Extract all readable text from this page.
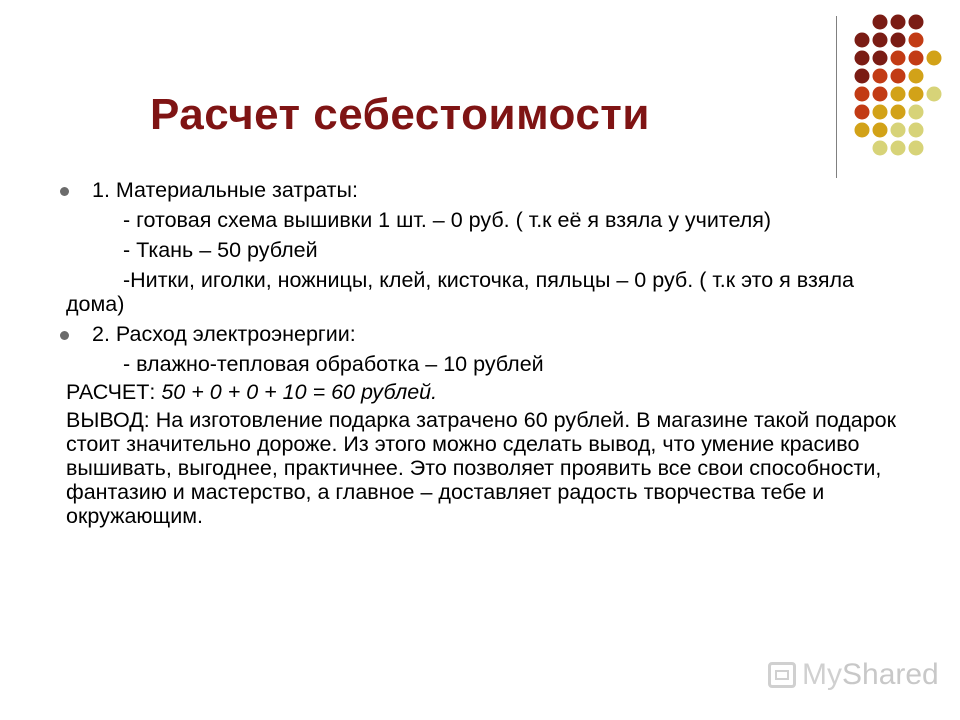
Расчет себестоимости
1. Материальные затраты:
- готовая схема вышивки 1 шт. – 0 руб. ( т.к её я взяла у учителя)
- Ткань – 50 рублей
-Нитки, иголки, ножницы, клей, кисточка, пяльцы – 0 руб. ( т.к это я взяла дома)
2. Расход электроэнергии:
- влажно-тепловая обработка – 10 рублей
РАСЧЕТ: 50 + 0 + 0 + 10 = 60 рублей.
ВЫВОД: На изготовление подарка затрачено 60 рублей. В магазине такой подарок стоит значительно дороже. Из этого можно сделать вывод, что умение красиво вышивать, выгоднее, практичнее. Это позволяет проявить все свои способности, фантазию и мастерство, а главное – доставляет радость творчества тебе и окружающим.
MyShared
